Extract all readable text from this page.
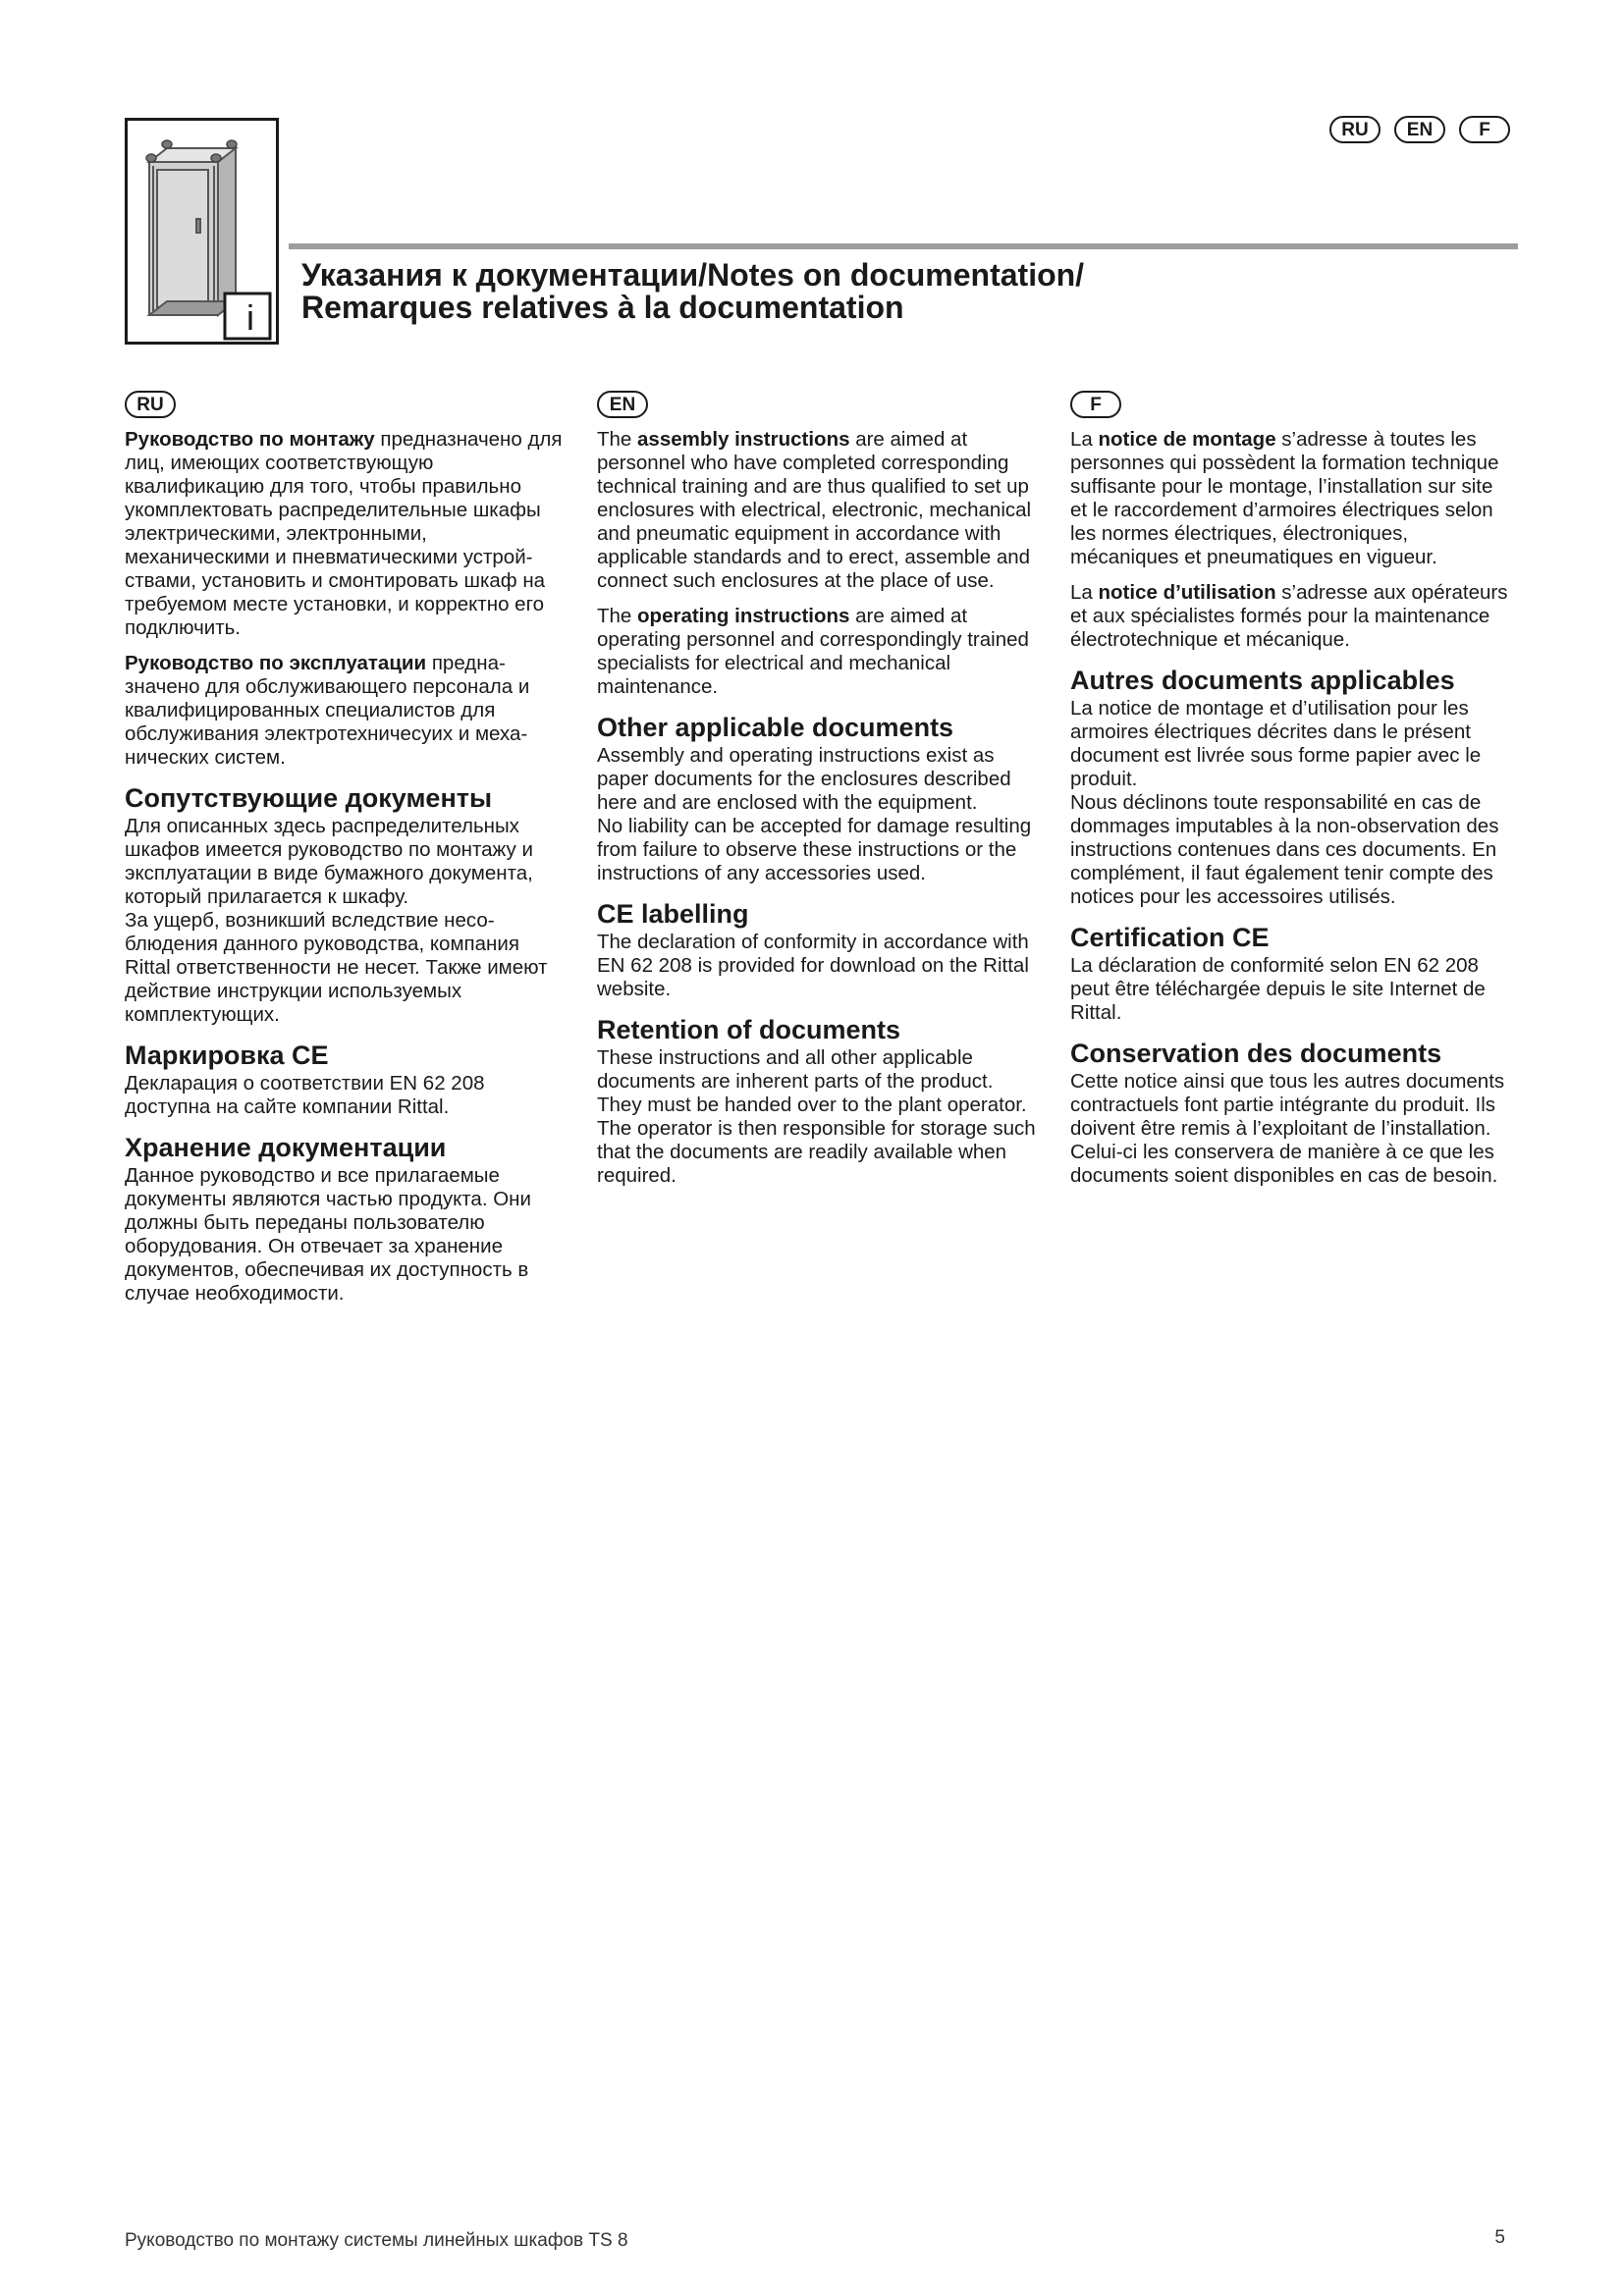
i
RU	EN	F
Указания к документации/Notes on documentation/
Remarques relatives à la documentation
RU

Руководство по монтажу предназначено для лиц, имеющих соответствующую квалификацию для того, чтобы правильно укомплектовать распределительные шкафы электрическими, электронными, механическими и пневматическими устройствами, установить и смонтировать шкаф на требуемом месте установки, и корректно его подключить.

Руководство по эксплуатации предназначено для обслуживающего персонала и квалифицированных специалистов для обслуживания электротехничесуих и механических систем.

Сопутствующие документы

Для описанных здесь распределительных шкафов имеется руководство по монтажу и эксплуатации в виде бумажного документа, который прилагается к шкафу.

За ущерб, возникший вследствие несоблюдения данного руководства, компания Rittal ответственности не несет. Также имеют действие инструкции используемых комплектующих.

Маркировка CE

Декларация о соответствии EN 62 208 доступна на сайте компании Rittal.

Хранение документации

Данное руководство и все прилагаемые документы являются частью продукта. Они должны быть переданы пользователю оборудования. Он отвечает за хранение документов, обеспечивая их доступность в случае необходимости.

EN

The assembly instructions are aimed at personnel who have completed corresponding technical training and are thus qualified to set up enclosures with electrical, electronic, mechanical and pneumatic equipment in accordance with applicable standards and to erect, assemble and connect such enclosures at the place of use.

The operating instructions are aimed at operating personnel and correspondingly trained specialists for electrical and mechanical maintenance.

Other applicable documents

Assembly and operating instructions exist as paper documents for the enclosures described here and are enclosed with the equipment.

No liability can be accepted for damage resulting from failure to observe these instructions or the instructions of any accessories used.

CE labelling

The declaration of conformity in accordance with EN 62 208 is provided for download on the Rittal website.

Retention of documents

These instructions and all other applicable documents are inherent parts of the product. They must be handed over to the plant operator. The operator is then responsible for storage such that the documents are readily available when required.

F

La notice de montage s’adresse à toutes les personnes qui possèdent la formation technique suffisante pour le montage, l’installation sur site et le raccordement d’armoires électriques selon les normes électriques, électroniques, mécaniques et pneumatiques en vigueur.

La notice d’utilisation s’adresse aux opérateurs et aux spécialistes formés pour la maintenance électrotechnique et mécanique.

Autres documents applicables

La notice de montage et d’utilisation pour les armoires électriques décrites dans le présent document est livrée sous forme papier avec le produit.

Nous déclinons toute responsabilité en cas de dommages imputables à la non-observation des instructions contenues dans ces documents. En complément, il faut également tenir compte des notices pour les accessoires utilisés.

Certification CE

La déclaration de conformité selon EN 62 208 peut être téléchargée depuis le site Internet de Rittal.

Conservation des documents

Cette notice ainsi que tous les autres documents contractuels font partie intégrante du produit. Ils doivent être remis à l’exploitant de l’installation. Celui-ci les conservera de manière à ce que les documents soient disponibles en cas de besoin.

Руководство по монтажу системы линейных шкафов TS 8	5
